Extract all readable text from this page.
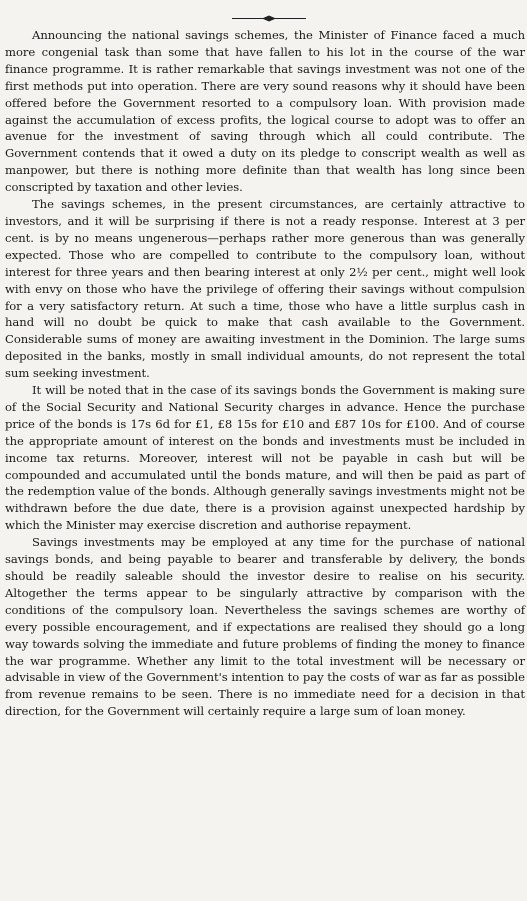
Announcing the national savings schemes, the Minister of Finance faced a much more congenial task than some that have fallen to his lot in the course of the war finance programme. It is rather remarkable that savings investment was not one of the first methods put into operation. There are very sound reasons why it should have been offered before the Government resorted to a compulsory loan. With provision made against the accumulation of excess profits, the logical course to adopt was to offer an avenue for the investment of saving through which all could contribute. The Government contends that it owed a duty on its pledge to conscript wealth as well as manpower, but there is nothing more definite than that wealth has long since been conscripted by taxation and other levies.

The savings schemes, in the present circumstances, are certainly attractive to investors, and it will be surprising if there is not a ready response. Interest at 3 per cent. is by no means ungenerous—perhaps rather more generous than was generally expected. Those who are compelled to contribute to the compulsory loan, without interest for three years and then bearing interest at only 2½ per cent., might well look with envy on those who have the privilege of offering their savings without compulsion for a very satisfactory return. At such a time, those who have a little surplus cash in hand will no doubt be quick to make that cash available to the Government. Considerable sums of money are awaiting investment in the Dominion. The large sums deposited in the banks, mostly in small individual amounts, do not represent the total sum seeking investment.

It will be noted that in the case of its savings bonds the Government is making sure of the Social Security and National Security charges in advance. Hence the purchase price of the bonds is 17s 6d for £1, £8 15s for £10 and £87 10s for £100. And of course the appropriate amount of interest on the bonds and investments must be included in income tax returns. Moreover, interest will not be payable in cash but will be compounded and accumulated until the bonds mature, and will then be paid as part of the redemption value of the bonds. Although generally savings investments might not be withdrawn before the due date, there is a provision against unexpected hardship by which the Minister may exercise discretion and authorise repayment.

Savings investments may be employed at any time for the purchase of national savings bonds, and being payable to bearer and transferable by delivery, the bonds should be readily saleable should the investor desire to realise on his security. Altogether the terms appear to be singularly attractive by comparison with the conditions of the compulsory loan. Nevertheless the savings schemes are worthy of every possible encouragement, and if expectations are realised they should go a long way towards solving the immediate and future problems of finding the money to finance the war programme. Whether any limit to the total investment will be necessary or advisable in view of the Government's intention to pay the costs of war as far as possible from revenue remains to be seen. There is no immediate need for a decision in that direction, for the Government will certainly require a large sum of loan money.
